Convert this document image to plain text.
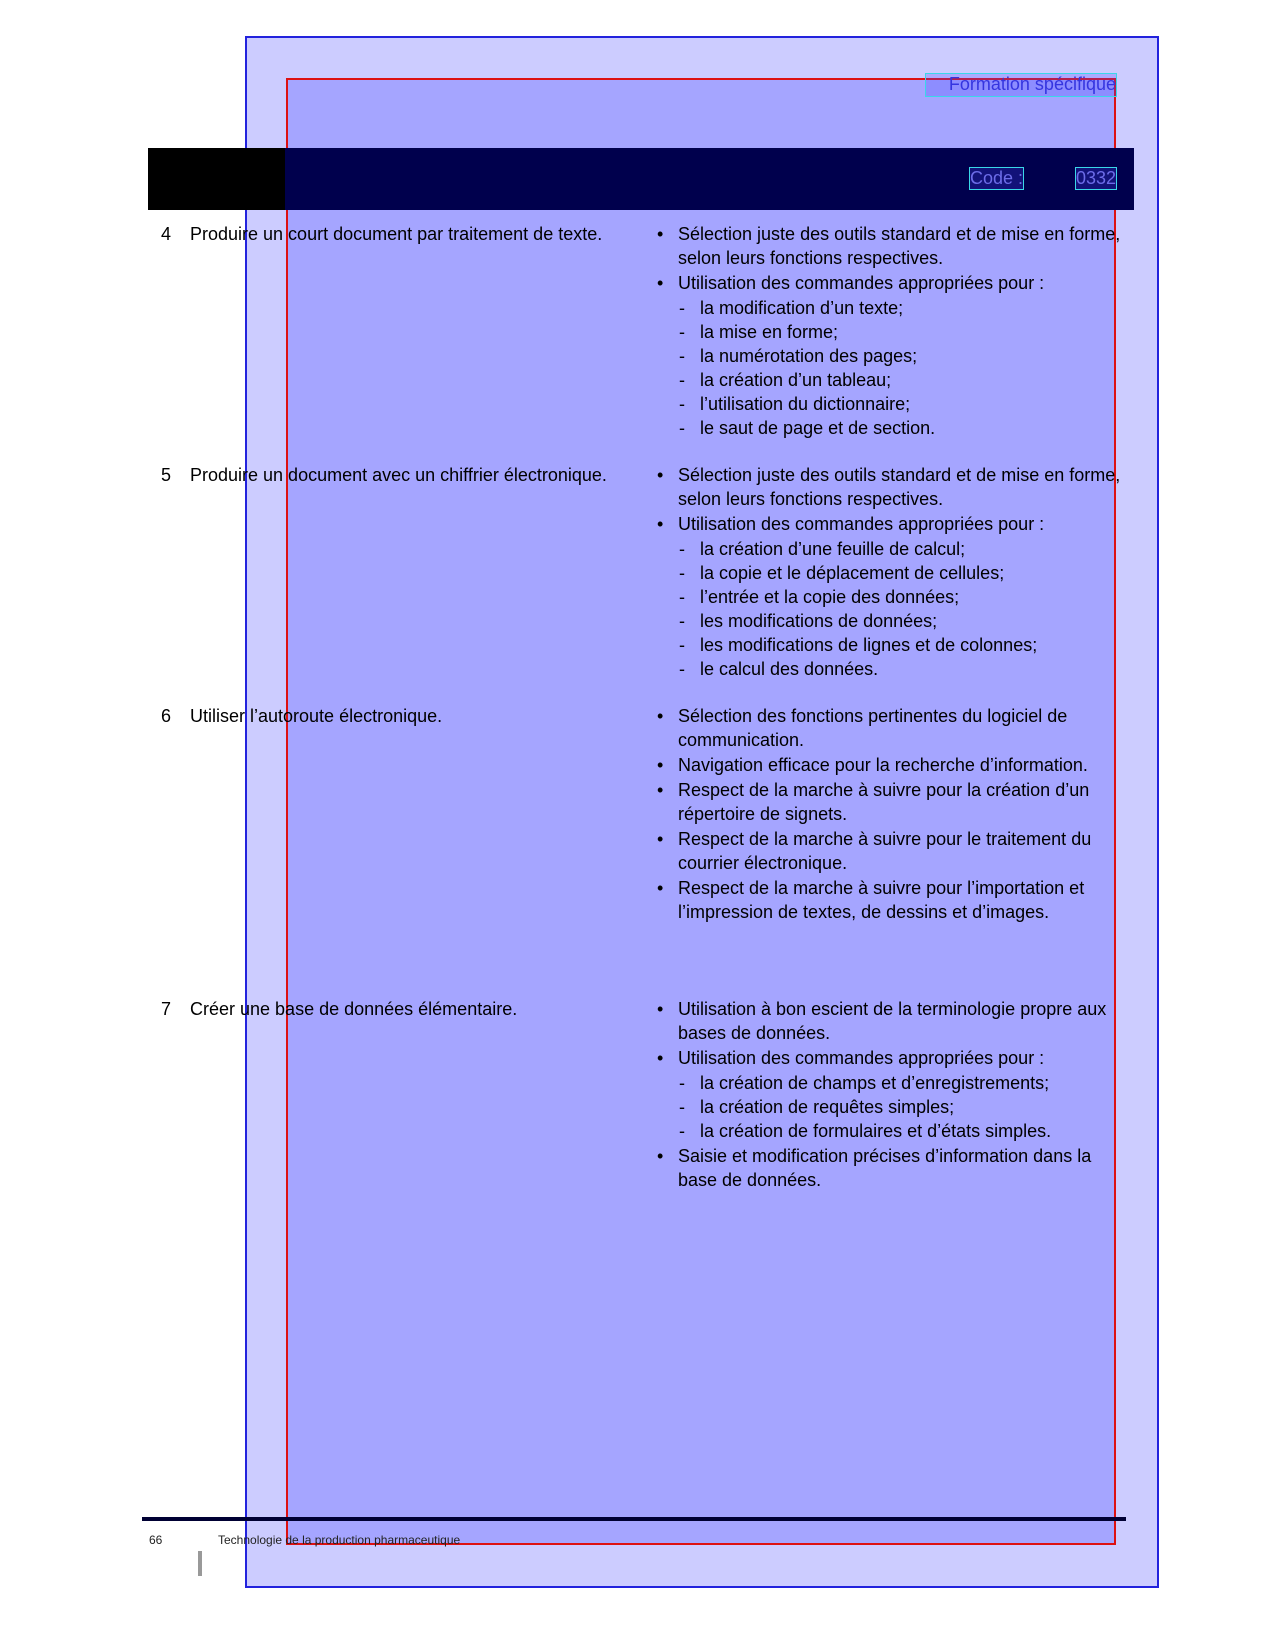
Formation spécifique
Code :	0332
4 Produire un court document par traitement de texte.	• Sélection juste des outils standard et de mise en forme, selon leurs fonctions respectives.
• Utilisation des commandes appropriées pour :
- la modification d’un texte;
- la mise en forme;
- la numérotation des pages;
- la création d’un tableau;
- l’utilisation du dictionnaire;
- le saut de page et de section.
5 Produire un document avec un chiffrier électronique.	• Sélection juste des outils standard et de mise en forme, selon leurs fonctions respectives.
• Utilisation des commandes appropriées pour :
- la création d’une feuille de calcul;
- la copie et le déplacement de cellules;
- l’entrée et la copie des données;
- les modifications de données;
- les modifications de lignes et de colonnes;
- le calcul des données.
6 Utiliser l’autoroute électronique.	• Sélection des fonctions pertinentes du logiciel de communication.
• Navigation efficace pour la recherche d’information.
• Respect de la marche à suivre pour la création d’un répertoire de signets.
• Respect de la marche à suivre pour le traitement du courrier électronique.
• Respect de la marche à suivre pour l’importation et l’impression de textes, de dessins et d’images.
7 Créer une base de données élémentaire.	• Utilisation à bon escient de la terminologie propre aux bases de données.
• Utilisation des commandes appropriées pour :
- la création de champs et d’enregistrements;
- la création de requêtes simples;
- la création de formulaires et d’états simples.
• Saisie et modification précises d’information dans la base de données.
66	Technologie de la production pharmaceutique
